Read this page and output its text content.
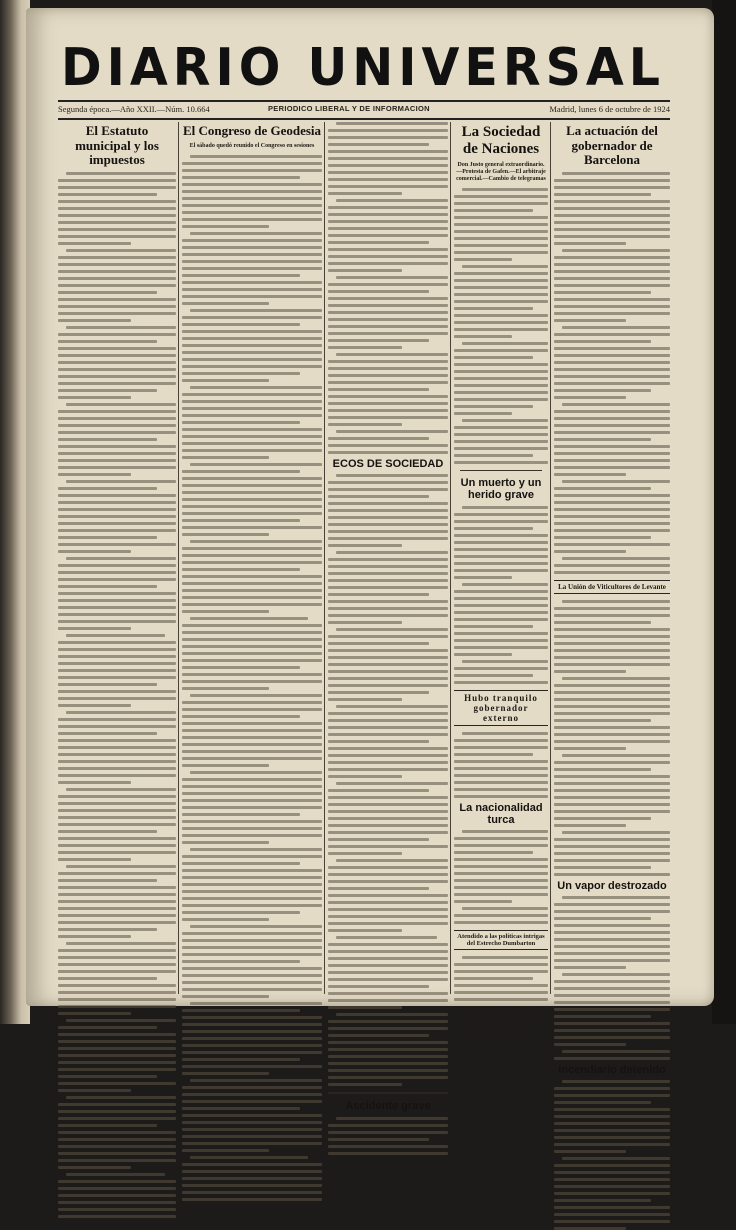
DIARIO UNIVERSAL
Segunda época.—Año XXII.—Núm. 10.664	PERIODICO LIBERAL Y DE INFORMACION	Madrid, lunes 6 de octubre de 1924
El Estatuto municipal y los impuestos
El Congreso de Geodesia
El sábado quedó reunido el Congreso en sesiones
ECOS DE SOCIEDAD
Accidente grave
La Sociedad de Naciones
Don Justo general extraordinario.—Protesta de Gafen.—El arbitraje comercial.—Cambio de telegramas
Un muerto y un herido grave
Hubo tranquilo gobernador externo
La nacionalidad turca
Atendido a las políticas intrigas del Estrecho Dumbarton
SE ADMITEN ANUNCIOS Y SUSCRIPCIONES EN ESTA ADMINISTRACION, FLORIDABLANCA, NUMERO 1, BAJO
La actuación del gobernador de Barcelona
La Unión de Viticultores de Levante
Un vapor destrozado
Incendiario detenido
